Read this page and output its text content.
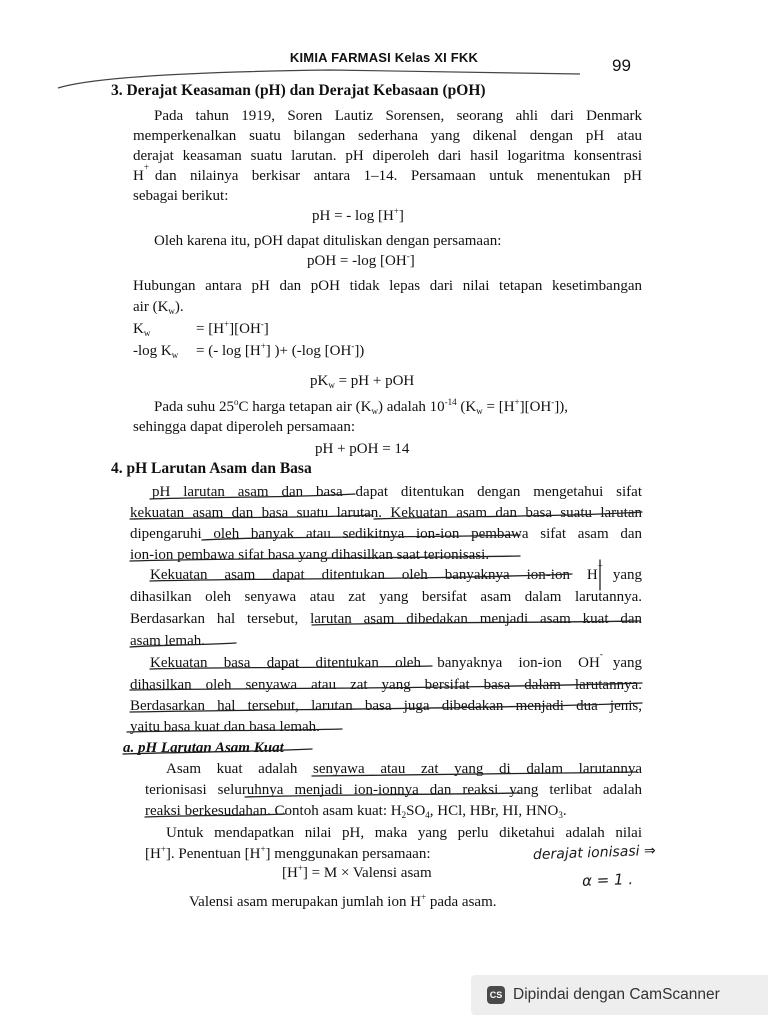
KIMIA FARMASI Kelas XI FKK	99
3. Derajat Keasaman (pH) dan Derajat Kebasaan (pOH)
Pada tahun 1919, Soren Lautiz Sorensen, seorang ahli dari Denmark
memperkenalkan suatu bilangan sederhana yang dikenal dengan pH atau
derajat keasaman suatu larutan. pH diperoleh dari hasil logaritma konsentrasi
H
+
dan nilainya berkisar antara 1–14. Persamaan untuk menentukan pH
sebagai berikut:
pH = - log [H+]
Oleh karena itu, pOH dapat dituliskan dengan persamaan:
pOH = -log [OH-]
Hubungan antara pH dan pOH tidak lepas dari nilai tetapan kesetimbangan
air $(K_w)$.
$K_w$	= [H+][OH-]
-log $K_w$ = (- log [H+] )+ (-log [OH-])
$pK_w$ = pH + pOH
Pada suhu 25$^o$C harga tetapan air $(K_w)$ adalah $10^{-14}$ $(K_w = [H^+][OH^-])$,
sehingga dapat diperoleh persamaan:
pH + pOH = 14
4. pH Larutan Asam dan Basa
pH larutan asam dan basa dapat ditentukan dengan mengetahui sifat
kekuatan asam dan basa suatu larutan. Kekuatan asam dan basa suatu larutan
dipengaruhi oleh banyak atau sedikitnya ion-ion pembawa sifat asam dan
ion-ion pembawa sifat basa yang dihasilkan saat terionisasi.
Kekuatan asam dapat ditentukan oleh banyaknya ion-ion H
+
yang
dihasilkan oleh senyawa atau zat yang bersifat asam dalam larutannya.
Berdasarkan hal tersebut, larutan asam dibedakan menjadi asam kuat dan
asam lemah.
Kekuatan basa dapat ditentukan oleh banyaknya ion-ion OH
-
yang
dihasilkan oleh senyawa atau zat yang bersifat basa dalam larutannya.
Berdasarkan hal tersebut, larutan basa juga dibedakan menjadi dua jenis,
yaitu basa kuat dan basa lemah.
a. pH Larutan Asam Kuat
Asam kuat adalah senyawa atau zat yang di dalam larutannya
terionisasi seluruhnya menjadi ion-ionnya dan reaksi yang terlibat adalah
reaksi berkesudahan. Contoh asam kuat: $H_2SO_4$, HCl, HBr, HI, $HNO_3$.
Untuk mendapatkan nilai pH, maka yang perlu diketahui adalah nilai
[H+]. Penentuan [H+] menggunakan persamaan:
[H+] = M × Valensi asam
Valensi asam merupakan jumlah ion H+ pada asam.
derajat ionisasi ⇒
α = 1 .
CS Dipindai dengan CamScanner
